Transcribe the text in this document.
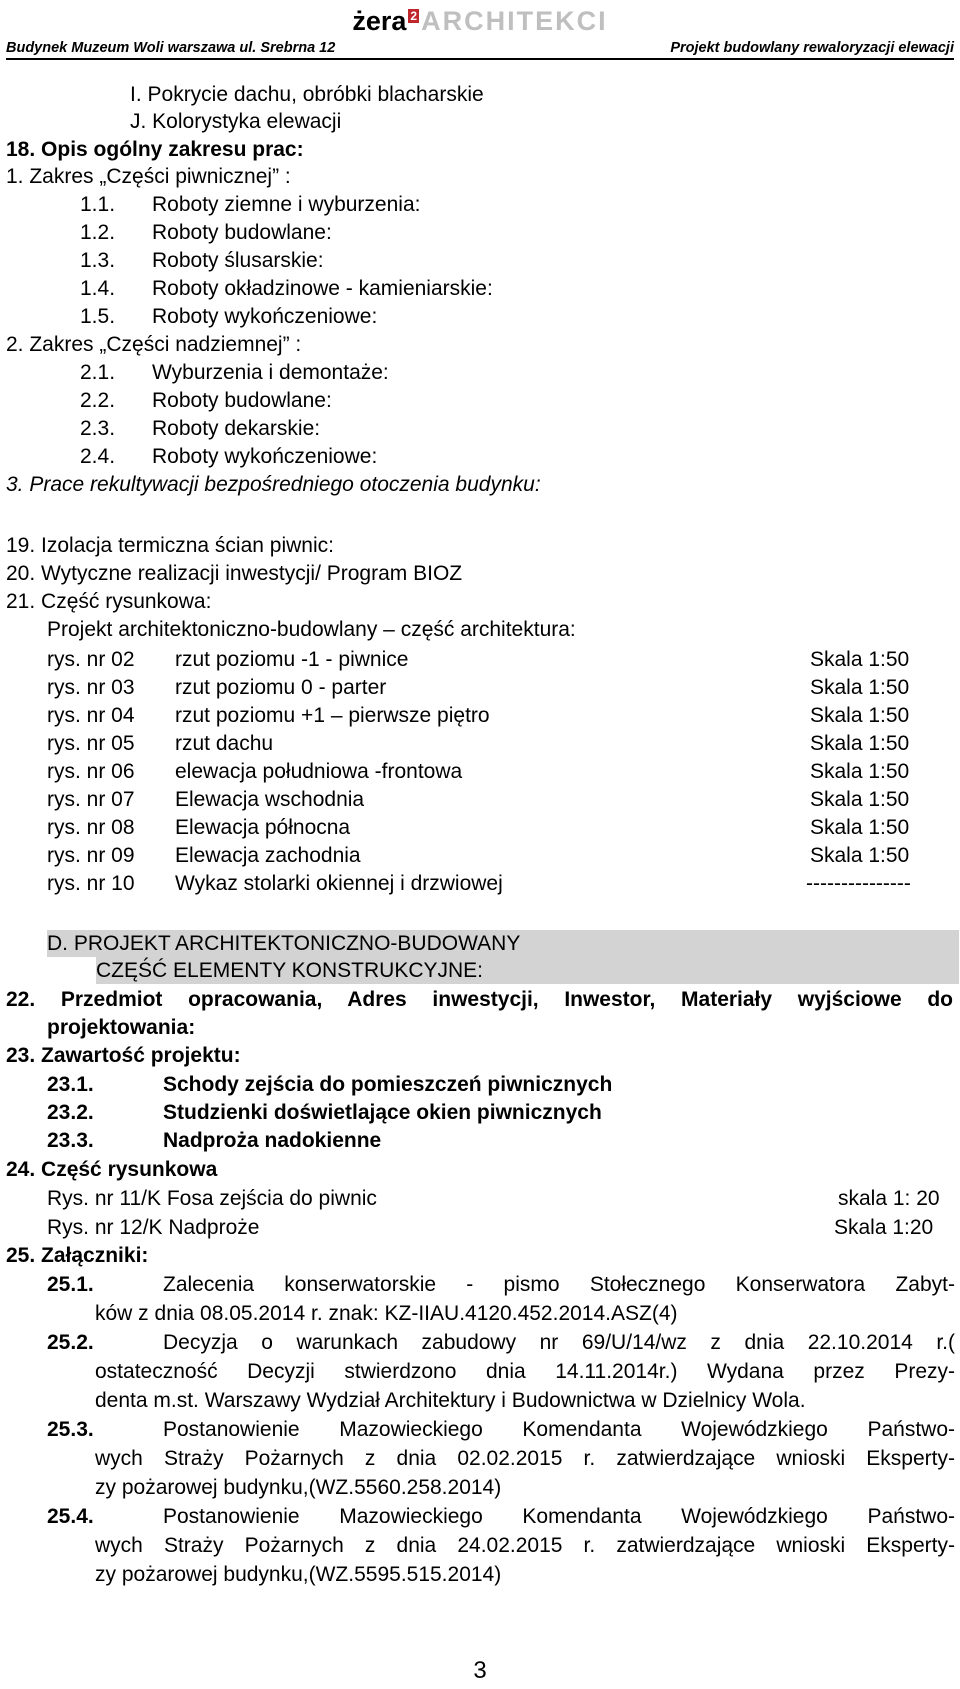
żera 2 ARCHITEKCI
Budynek Muzeum Woli warszawa ul. Srebrna 12	Projekt budowlany rewaloryzacji elewacji
I. Pokrycie dachu, obróbki blacharskie
J. Kolorystyka elewacji
18. Opis ogólny zakresu prac:
1. Zakres „Części piwnicznej” :
1.1. Roboty ziemne i wyburzenia:
1.2. Roboty budowlane:
1.3. Roboty ślusarskie:
1.4. Roboty okładzinowe - kamieniarskie:
1.5. Roboty wykończeniowe:
2. Zakres „Części nadziemnej” :
2.1. Wyburzenia i demontaże:
2.2. Roboty budowlane:
2.3. Roboty dekarskie:
2.4. Roboty wykończeniowe:
3. Prace rekultywacji bezpośredniego otoczenia budynku:
19. Izolacja termiczna ścian piwnic:
20. Wytyczne realizacji inwestycji/ Program BIOZ
21. Część rysunkowa:
Projekt architektoniczno-budowlany – część architektura:
rys. nr 02 rzut poziomu -1 - piwnice	Skala 1:50
rys. nr 03 rzut poziomu 0 - parter	Skala 1:50
rys. nr 04 rzut poziomu +1 – pierwsze piętro	Skala 1:50
rys. nr 05 rzut dachu	Skala 1:50
rys. nr 06 elewacja południowa -frontowa	Skala 1:50
rys. nr 07 Elewacja wschodnia	Skala 1:50
rys. nr 08 Elewacja północna	Skala 1:50
rys. nr 09 Elewacja zachodnia	Skala 1:50
rys. nr 10 Wykaz stolarki okiennej i drzwiowej	---------------
D. PROJEKT ARCHITEKTONICZNO-BUDOWANY
CZĘŚĆ ELEMENTY KONSTRUKCYJNE:
22. Przedmiot opracowania, Adres inwestycji, Inwestor, Materiały wyjściowe do
projektowania:
23. Zawartość projektu:
23.1.	Schody zejścia do pomieszczeń piwnicznych
23.2.	Studzienki doświetlające okien piwnicznych
23.3.	Nadproża nadokienne
24. Część rysunkowa
Rys. nr 11/K Fosa zejścia do piwnic	skala 1: 20
Rys. nr 12/K Nadproże	Skala 1:20
25. Załączniki:
25.1.	Zalecenia konserwatorskie - pismo Stołecznego Konserwatora Zabyt-
ków z dnia 08.05.2014 r. znak: KZ-IIAU.4120.452.2014.ASZ(4)
25.2.	Decyzja o warunkach zabudowy nr 69/U/14/wz z dnia 22.10.2014 r.(
ostateczność Decyzji stwierdzono dnia 14.11.2014r.) Wydana przez Prezy-
denta m.st. Warszawy Wydział Architektury i Budownictwa w Dzielnicy Wola.
25.3.	Postanowienie Mazowieckiego Komendanta Wojewódzkiego Państwo-
wych Straży Pożarnych z dnia 02.02.2015 r. zatwierdzające wnioski Eksperty-
zy pożarowej budynku,(WZ.5560.258.2014)
25.4.	Postanowienie Mazowieckiego Komendanta Wojewódzkiego Państwo-
wych Straży Pożarnych z dnia 24.02.2015 r. zatwierdzające wnioski Eksperty-
zy pożarowej budynku,(WZ.5595.515.2014)
3
